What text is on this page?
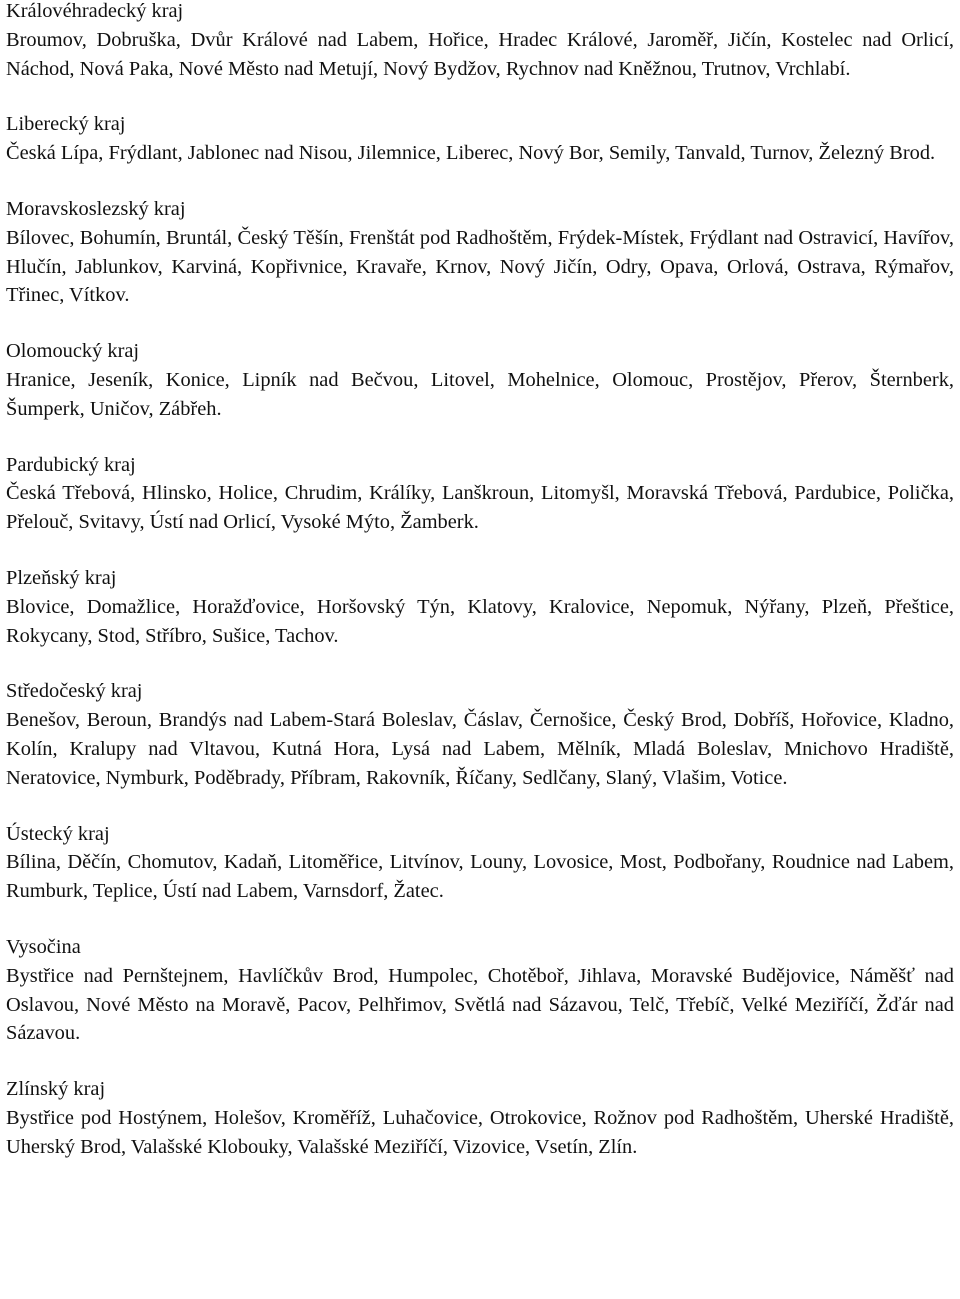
Královéhradecký kraj

Broumov, Dobruška, Dvůr Králové nad Labem, Hořice, Hradec Králové, Jaroměř, Jičín, Kostelec nad Orlicí, Náchod, Nová Paka, Nové Město nad Metují, Nový Bydžov, Rychnov nad Kněžnou, Trutnov, Vrchlabí.

Liberecký kraj

Česká Lípa, Frýdlant, Jablonec nad Nisou, Jilemnice, Liberec, Nový Bor, Semily, Tanvald, Turnov, Železný Brod.

Moravskoslezský kraj

Bílovec, Bohumín, Bruntál, Český Těšín, Frenštát pod Radhoštěm, Frýdek-Místek, Frýdlant nad Ostravicí, Havířov, Hlučín, Jablunkov, Karviná, Kopřivnice, Kravaře, Krnov, Nový Jičín, Odry, Opava, Orlová, Ostrava, Rýmařov, Třinec, Vítkov.

Olomoucký kraj

Hranice, Jeseník, Konice, Lipník nad Bečvou, Litovel, Mohelnice, Olomouc, Prostějov, Přerov, Šternberk, Šumperk, Uničov, Zábřeh.

Pardubický kraj

Česká Třebová, Hlinsko, Holice, Chrudim, Králíky, Lanškroun, Litomyšl, Moravská Třebová, Pardubice, Polička, Přelouč, Svitavy, Ústí nad Orlicí, Vysoké Mýto, Žamberk.

Plzeňský kraj

Blovice, Domažlice, Horažďovice, Horšovský Týn, Klatovy, Kralovice, Nepomuk, Nýřany, Plzeň, Přeštice, Rokycany, Stod, Stříbro, Sušice, Tachov.

Středočeský kraj

Benešov, Beroun, Brandýs nad Labem-Stará Boleslav, Čáslav, Černošice, Český Brod, Dobříš, Hořovice, Kladno, Kolín, Kralupy nad Vltavou, Kutná Hora, Lysá nad Labem, Mělník, Mladá Boleslav, Mnichovo Hradiště, Neratovice, Nymburk, Poděbrady, Příbram, Rakovník, Říčany, Sedlčany, Slaný, Vlašim, Votice.

Ústecký kraj

Bílina, Děčín, Chomutov, Kadaň, Litoměřice, Litvínov, Louny, Lovosice, Most, Podbořany, Roudnice nad Labem, Rumburk, Teplice, Ústí nad Labem, Varnsdorf, Žatec.

Vysočina

Bystřice nad Pernštejnem, Havlíčkův Brod, Humpolec, Chotěboř, Jihlava, Moravské Budějovice, Náměšť nad Oslavou, Nové Město na Moravě, Pacov, Pelhřimov, Světlá nad Sázavou, Telč, Třebíč, Velké Meziříčí, Žďár nad Sázavou.

Zlínský kraj

Bystřice pod Hostýnem, Holešov, Kroměříž, Luhačovice, Otrokovice, Rožnov pod Radhoštěm, Uherské Hradiště, Uherský Brod, Valašské Klobouky, Valašské Meziříčí, Vizovice, Vsetín, Zlín.
